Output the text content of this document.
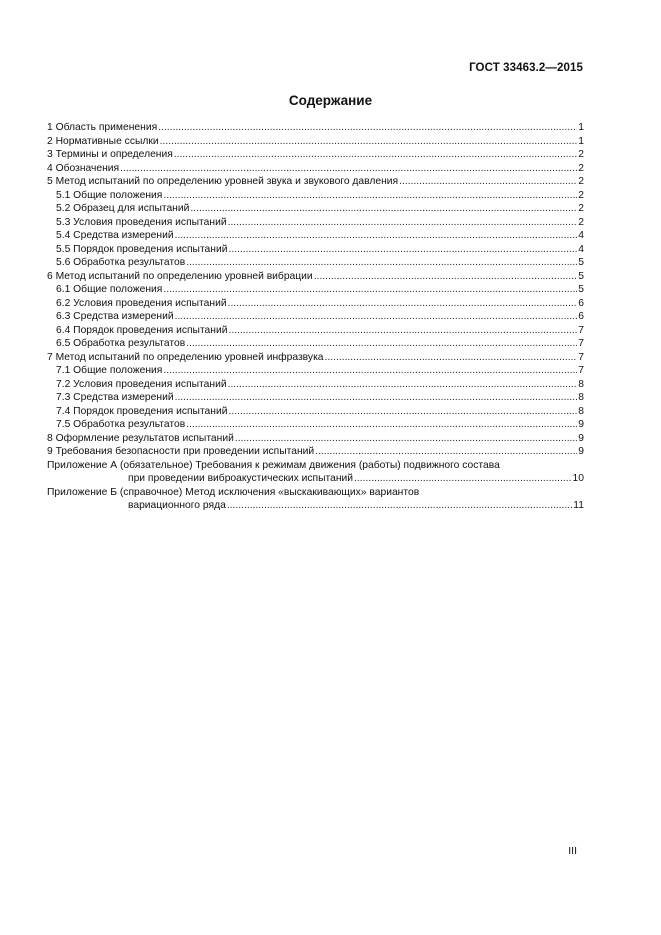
ГОСТ 33463.2—2015
Содержание
1 Область применения .....	1
2 Нормативные ссылки .....	1
3 Термины и определения .....	2
4 Обозначения .....	2
5 Метод испытаний по определению уровней звука и звукового давления .....	2
5.1 Общие положения .....	2
5.2 Образец для испытаний .....	2
5.3 Условия проведения испытаний .....	2
5.4 Средства измерений .....	4
5.5 Порядок проведения испытаний .....	4
5.6 Обработка результатов .....	5
6 Метод испытаний по определению уровней вибрации .....	5
6.1 Общие положения .....	5
6.2 Условия проведения испытаний .....	6
6.3 Средства измерений .....	6
6.4 Порядок проведения испытаний .....	7
6.5 Обработка результатов .....	7
7 Метод испытаний по определению уровней инфразвука .....	7
7.1 Общие положения .....	7
7.2 Условия проведения испытаний .....	8
7.3 Средства измерений .....	8
7.4 Порядок проведения испытаний .....	8
7.5 Обработка результатов .....	9
8 Оформление результатов испытаний .....	9
9 Требования безопасности при проведении испытаний .....	9
Приложение А (обязательное) Требования к режимам движения (работы) подвижного состава
при проведении виброакустических испытаний .....	10
Приложение Б (справочное) Метод исключения «выскакивающих» вариантов
вариационного ряда .....	11
III
